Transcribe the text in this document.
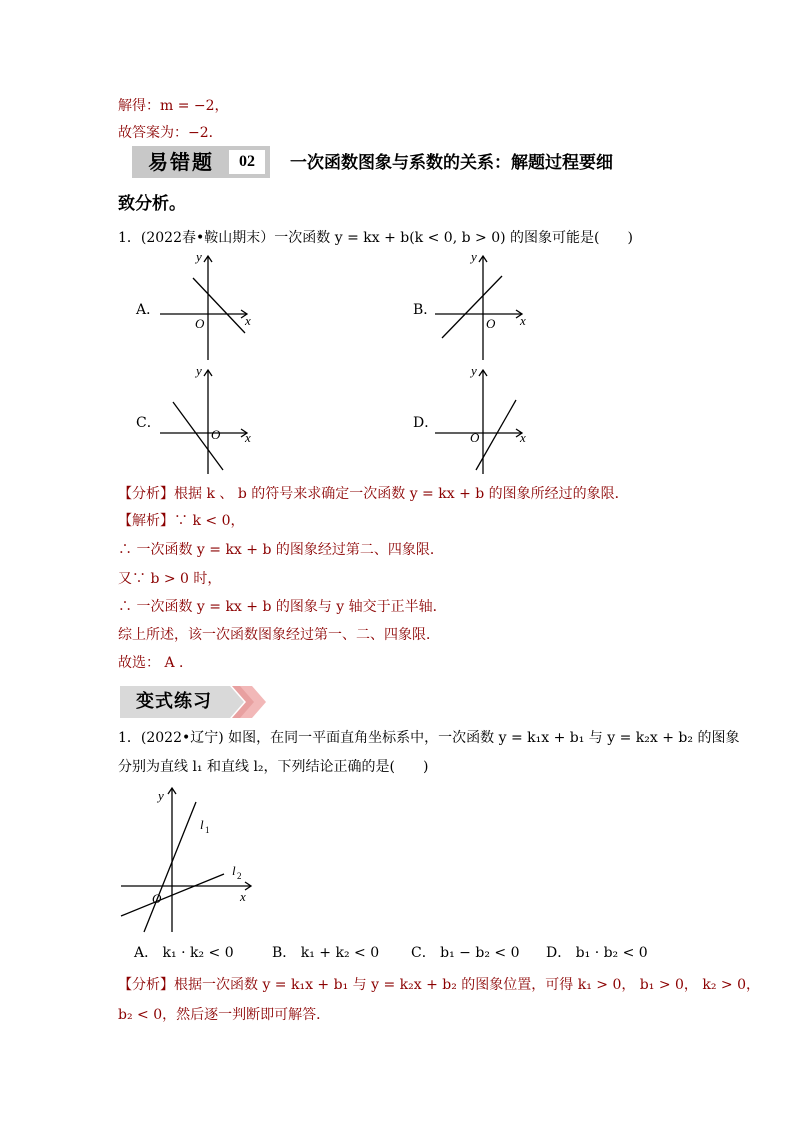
解得：m = −2，
故答案为：−2．
易错题	02	一次函数图象与系数的关系：解题过程要细
致分析。
1．(2022春•鞍山期末）一次函数 y = kx + b(k < 0, b > 0) 的图象可能是(　　)
A．
y
x
O
B．
y
x
O
C．
y
x
O
D．
y
x
O
【分析】根据 k 、 b 的符号来求确定一次函数 y = kx + b 的图象所经过的象限．
【解析】∵ k < 0，
∴ 一次函数 y = kx + b 的图象经过第二、四象限．
又∵ b > 0 时，
∴ 一次函数 y = kx + b 的图象与 y 轴交于正半轴．
综上所述，该一次函数图象经过第一、二、四象限．
故选： A ．
变式练习
1．(2022•辽宁) 如图，在同一平面直角坐标系中，一次函数 y = k₁x + b₁ 与 y = k₂x + b₂ 的图象
分别为直线 l₁ 和直线 l₂，下列结论正确的是(　　)
y
x
O
l 1
l 2
A． k₁ · k₂ < 0	B． k₁ + k₂ < 0 C． b₁ − b₂ < 0 D． b₁ · b₂ < 0
【分析】根据一次函数 y = k₁x + b₁ 与 y = k₂x + b₂ 的图象位置，可得 k₁ > 0， b₁ > 0， k₂ > 0，
b₂ < 0，然后逐一判断即可解答．
